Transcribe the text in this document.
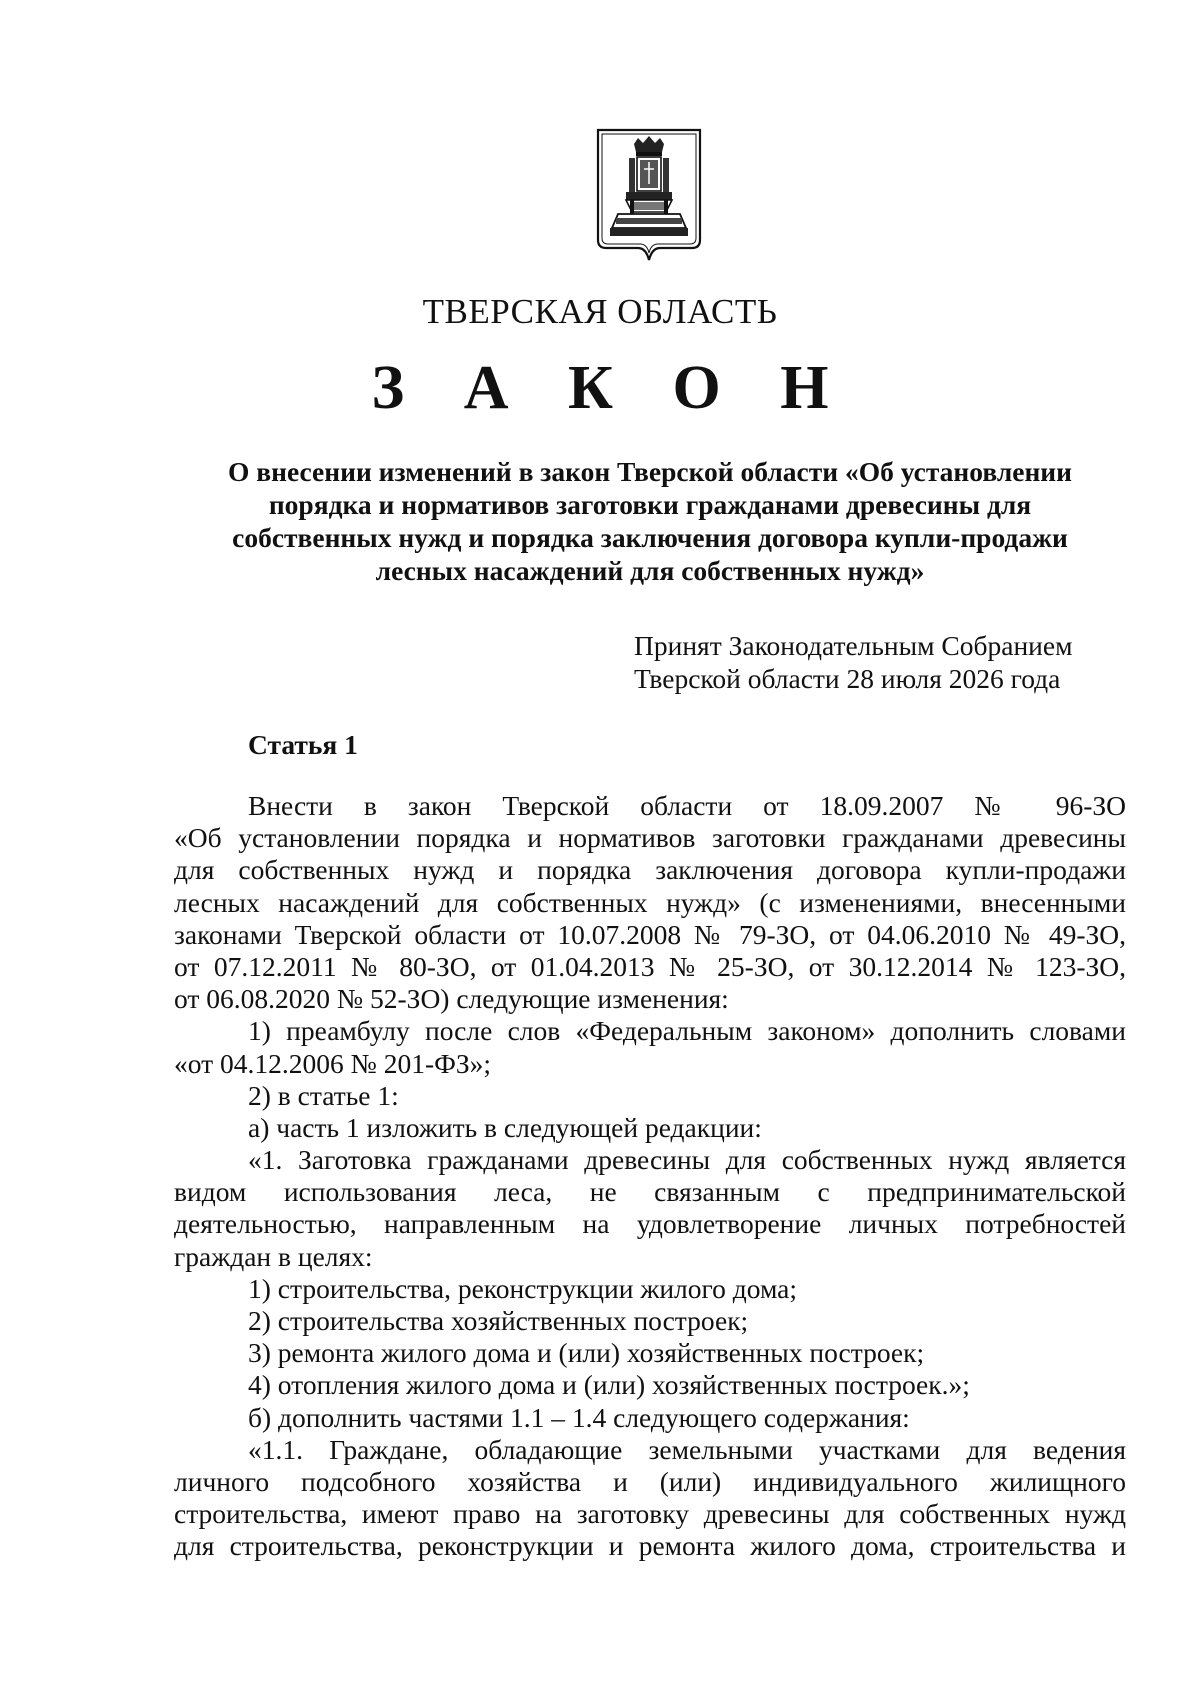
ТВЕРСКАЯ ОБЛАСТЬ
З А К О Н
О внесении изменений в закон Тверской области «Об установлении
порядка и нормативов заготовки гражданами древесины для
собственных нужд и порядка заключения договора купли-продажи
лесных насаждений для собственных нужд»
Принят Законодательным Собранием
Тверской области 28 июля 2026 года
Статья 1
Внести в закон Тверской области от 18.09.2007 № 96-ЗО
«Об установлении порядка и нормативов заготовки гражданами древесины
для собственных нужд и порядка заключения договора купли-продажи
лесных насаждений для собственных нужд» (с изменениями, внесенными
законами Тверской области от 10.07.2008 № 79-ЗО, от 04.06.2010 № 49-ЗО,
от 07.12.2011 № 80-ЗО, от 01.04.2013 № 25-ЗО, от 30.12.2014 № 123-ЗО,
от 06.08.2020 № 52-ЗО) следующие изменения:
1) преамбулу после слов «Федеральным законом» дополнить словами
«от 04.12.2006 № 201-ФЗ»;
2) в статье 1:
а) часть 1 изложить в следующей редакции:
«1. Заготовка гражданами древесины для собственных нужд является
видом использования леса, не связанным с предпринимательской
деятельностью, направленным на удовлетворение личных потребностей
граждан в целях:
1) строительства, реконструкции жилого дома;
2) строительства хозяйственных построек;
3) ремонта жилого дома и (или) хозяйственных построек;
4) отопления жилого дома и (или) хозяйственных построек.»;
б) дополнить частями 1.1 – 1.4 следующего содержания:
«1.1. Граждане, обладающие земельными участками для ведения
личного подсобного хозяйства и (или) индивидуального жилищного
строительства, имеют право на заготовку древесины для собственных нужд
для строительства, реконструкции и ремонта жилого дома, строительства и
